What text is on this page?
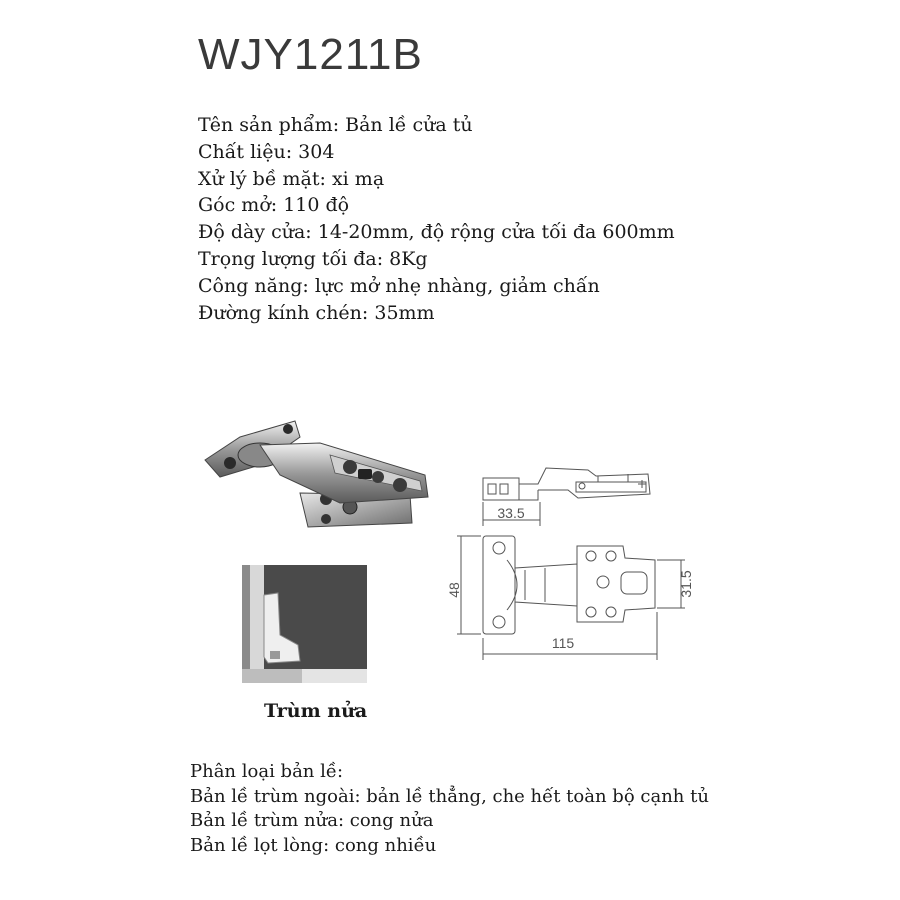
WJY1211B
Tên sản phẩm: Bản lề cửa tủ
Chất liệu: 304
Xử lý bề mặt: xi mạ
Góc mở: 110 độ
Độ dày cửa: 14-20mm, độ rộng cửa tối đa 600mm
Trọng lượng tối đa: 8Kg
Công năng: lực mở nhẹ nhàng, giảm chấn
Đường kính chén: 35mm
33.5
48	31.5
115
Trùm nửa
Phân loại bản lề:
Bản lề trùm ngoài: bản lề thẳng, che hết toàn bộ cạnh tủ
Bản lề trùm nửa: cong nửa
Bản lề lọt lòng: cong nhiều
